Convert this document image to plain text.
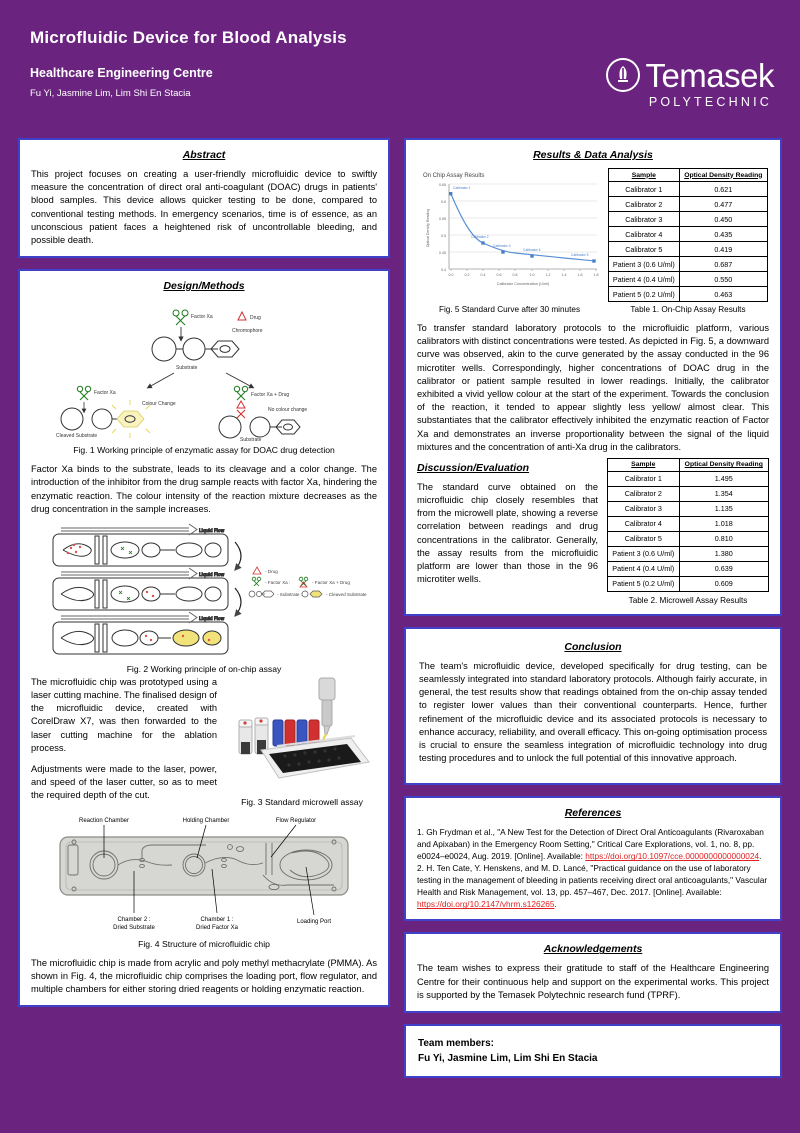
Microfluidic Device for Blood Analysis
Healthcare Engineering Centre
Fu Yi, Jasmine Lim, Lim Shi En Stacia	Temasek
POLYTECHNIC
Abstract
This project focuses on creating a user-friendly microfluidic device to swiftly measure the concentration of direct oral anti-coagulant (DOAC) drugs in patients' blood samples. This device allows quicker testing to be done, compared to conventional testing methods. In emergency scenarios, time is of essence, as an unconscious patient faces a heightened risk of uncontrollable bleeding, and possible death.
Design/Methods
Factor Xa	Drug
Chromophore
Substrate
Factor Xa
Colour Change
Cleaved Substrate
Factor Xa + Drug
No colour change
Substrate
Fig. 1 Working principle of enzymatic assay for DOAC drug detection
Factor Xa binds to the substrate, leads to its cleavage and a color change. The introduction of the inhibitor from the drug sample reacts with factor Xa, hindering the enzymatic reaction. The colour intensity of the reaction mixture decreases as the drug concentration in the sample increases.
Liquid Flow
Liquid Flow
Liquid Flow
- Drug
- Factor Xa :	- Factor Xa + Drug
- Substrate :	- Cleaved Substrate
Fig. 2 Working principle of on-chip assay
The microfluidic chip was prototyped using a laser cutting machine. The finalised design of the microfluidic device, created with CorelDraw X7, was then forwarded to the laser cutting machine for the ablation process.
Adjustments were made to the laser, power, and speed of the laser cutter, so as to meet the required depth of the cut.
Fig. 3 Standard microwell assay
Reaction Chamber	Holding Chamber	Flow Regulator
Chamber 2 :
Dried Substrate
Chamber 1 :
Dried Factor Xa
Loading Port
Fig. 4 Structure of microfluidic chip
The microfluidic chip is made from acrylic and poly methyl methacrylate (PMMA). As shown in Fig. 4, the microfluidic chip comprises the loading port, flow regulator, and multiple chambers for either storing dried reagents or holding enzymatic reaction.
Results & Data Analysis
On Chip Assay Results
0.65
0.6
0.55
0.5
0.45
0.4
0.0	0.2	0.4	0.6	0.8	1.0	1.2	1.4	1.6	1.8
Calibrator 1
Calibrator 2
Calibrator 3
Calibrator 4
Calibrator 5
Optical Density Reading
Calibrator Concentration (U/ml)
Sample	Optical Density Reading
Calibrator 1	0.621
Calibrator 2	0.477
Calibrator 3	0.450
Calibrator 4	0.435
Calibrator 5	0.419
Patient 3 (0.6 U/ml)	0.687
Patient 4 (0.4 U/ml)	0.550
Patient 5 (0.2 U/ml)	0.463
Fig. 5 Standard Curve after 30 minutes	Table 1. On-Chip Assay Results
To transfer standard laboratory protocols to the microfluidic platform, various calibrators with distinct concentrations were tested. As depicted in Fig. 5, a downward curve was observed, akin to the curve generated by the assay conducted in the 96 microtiter wells. Correspondingly, higher concentrations of DOAC drug in the calibrator or patient sample resulted in lower readings. Initially, the calibrator exhibited a vivid yellow colour at the start of the experiment. Towards the conclusion of the reaction, it tended to appear slightly less yellow/ almost clear. This substantiates that the calibrator effectively inhibited the enzymatic reaction of Factor Xa and demonstrates an inverse proportionality between the signal of the liquid mixtures and the concentration of anti-Xa drug in the calibrators.
Discussion/Evaluation
The standard curve obtained on the microfluidic chip closely resembles that from the microwell plate, showing a reverse correlation between readings and drug concentrations in the calibrator. Generally, the assay results from the microfluidic platform are lower than those in the 96 microtiter wells.
Sample	Optical Density Reading
Calibrator 1	1.495
Calibrator 2	1.354
Calibrator 3	1.135
Calibrator 4	1.018
Calibrator 5	0.810
Patient 3 (0.6 U/ml)	1.380
Patient 4 (0.4 U/ml)	0.639
Patient 5 (0.2 U/ml)	0.609
Table 2. Microwell Assay Results
Conclusion
The team's microfluidic device, developed specifically for drug testing, can be seamlessly integrated into standard laboratory protocols. Although fairly accurate, in general, the test results show that readings obtained from the on-chip assay tended to register lower values than their conventional counterparts. Hence, further refinement of the microfluidic device and its associated protocols is necessary to enhance accuracy, reliability, and overall efficacy. This on-going optimisation process is crucial to ensure the seamless integration of microfluidic technology into drug testing procedures and to unlock the full potential of this innovative approach.
References
1. Gh Frydman et al., "A New Test for the Detection of Direct Oral Anticoagulants (Rivaroxaban and Apixaban) in the Emergency Room Setting," Critical Care Explorations, vol. 1, no. 8, pp. e0024–e0024, Aug. 2019. [Online]. Available: https://doi.org/10.1097/cce.0000000000000024.
2. H. Ten Cate, Y. Henskens, and M. D. Lancé, "Practical guidance on the use of laboratory testing in the management of bleeding in patients receiving direct oral anticoagulants," Vascular Health and Risk Management, vol. 13, pp. 457–467, Dec. 2017. [Online]. Available: https://doi.org/10.2147/vhrm.s126265.
Acknowledgements
The team wishes to express their gratitude to staff of the Healthcare Engineering Centre for their continuous help and support on the experimental works. This project is supported by the Temasek Polytechnic research fund (TPRF).
Team members:
Fu Yi, Jasmine Lim, Lim Shi En Stacia
